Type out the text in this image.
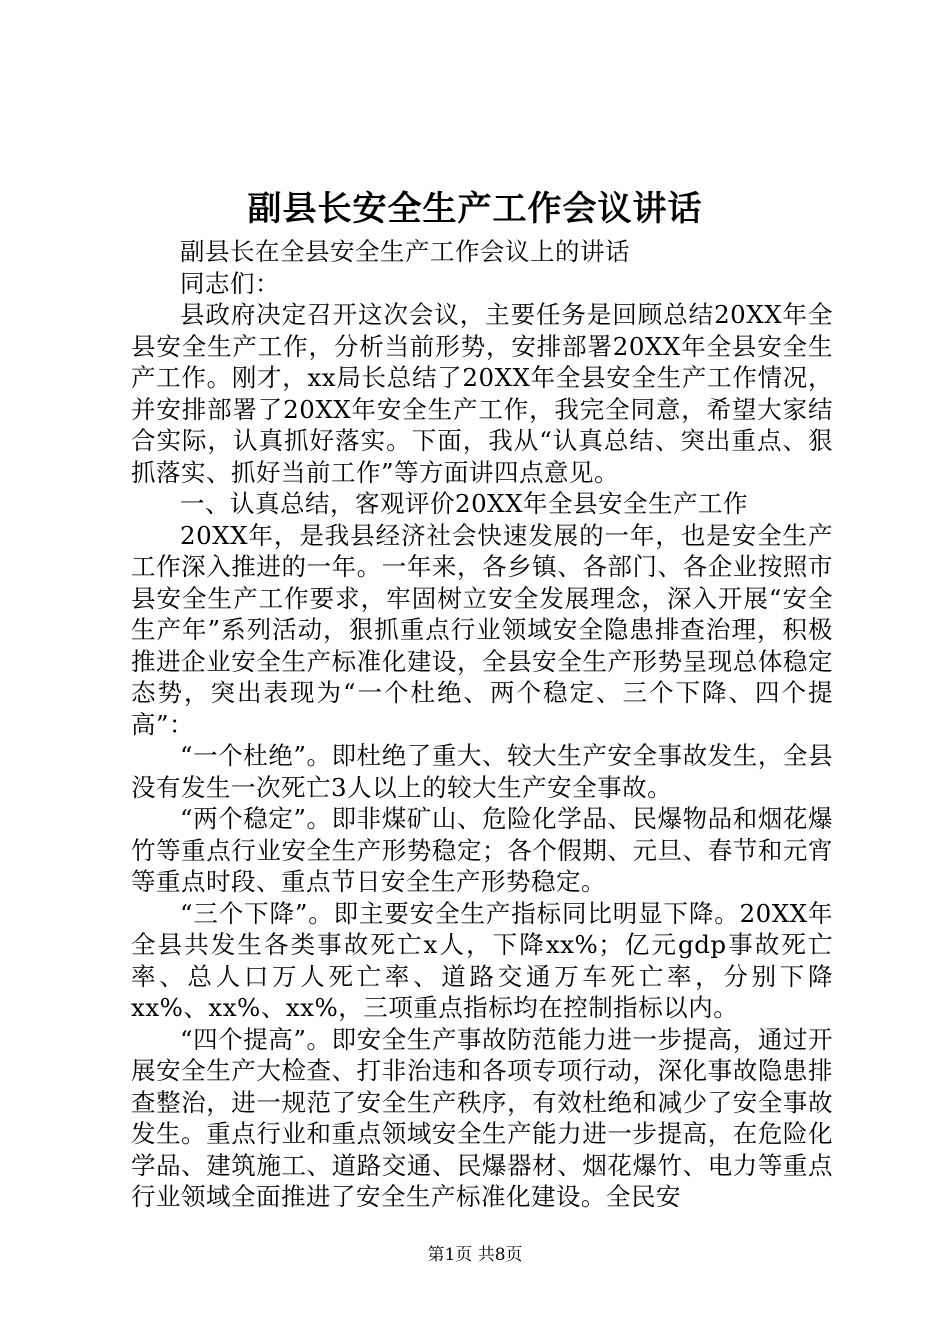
副县长安全生产工作会议讲话

副县长在全县安全生产工作会议上的讲话

同志们：

县政府决定召开这次会议，主要任务是回顾总结20XX年全县安全生产工作，分析当前形势，安排部署20XX年全县安全生产工作。刚才，xx局长总结了20XX年全县安全生产工作情况，并安排部署了20XX年安全生产工作，我完全同意，希望大家结合实际，认真抓好落实。下面，我从“认真总结、突出重点、狠抓落实、抓好当前工作”等方面讲四点意见。

一、认真总结，客观评价20XX年全县安全生产工作

20XX年，是我县经济社会快速发展的一年，也是安全生产工作深入推进的一年。一年来，各乡镇、各部门、各企业按照市县安全生产工作要求，牢固树立安全发展理念，深入开展“安全生产年”系列活动，狠抓重点行业领域安全隐患排查治理，积极推进企业安全生产标准化建设，全县安全生产形势呈现总体稳定态势，突出表现为“一个杜绝、两个稳定、三个下降、四个提高”：

“一个杜绝”。即杜绝了重大、较大生产安全事故发生，全县没有发生一次死亡3人以上的较大生产安全事故。

“两个稳定”。即非煤矿山、危险化学品、民爆物品和烟花爆竹等重点行业安全生产形势稳定；各个假期、元旦、春节和元宵等重点时段、重点节日安全生产形势稳定。

“三个下降”。即主要安全生产指标同比明显下降。20XX年全县共发生各类事故死亡x人，下降xx%；亿元gdp事故死亡率、总人口万人死亡率、道路交通万车死亡率，分别下降xx%、xx%、xx%，三项重点指标均在控制指标以内。

“四个提高”。即安全生产事故防范能力进一步提高，通过开展安全生产大检查、打非治违和各项专项行动，深化事故隐患排查整治，进一规范了安全生产秩序，有效杜绝和减少了安全事故发生。重点行业和重点领域安全生产能力进一步提高，在危险化学品、建筑施工、道路交通、民爆器材、烟花爆竹、电力等重点行业领域全面推进了安全生产标准化建设。全民安

第1页 共8页
